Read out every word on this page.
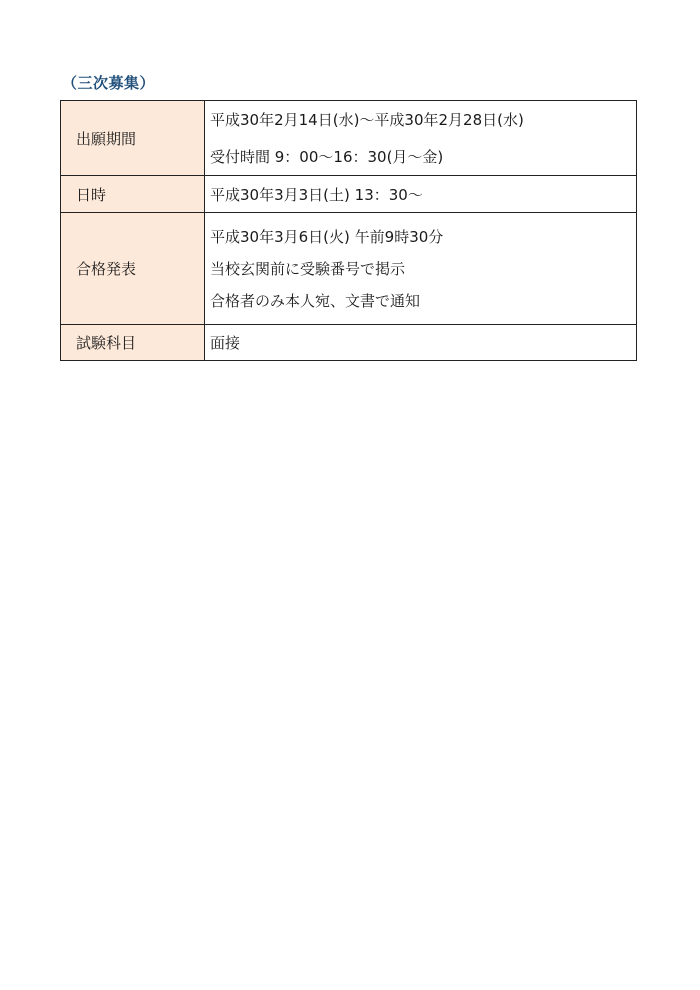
（三次募集）
出願期間	平成30年2月14日(水)～平成30年2月28日(水)
受付時間 9：00～16：30(月～金)

日時	平成30年3月3日(土) 13：30～

合格発表	平成30年3月6日(火) 午前9時30分
当校玄関前に受験番号で掲示
合格者のみ本人宛、文書で通知

試験科目	面接
